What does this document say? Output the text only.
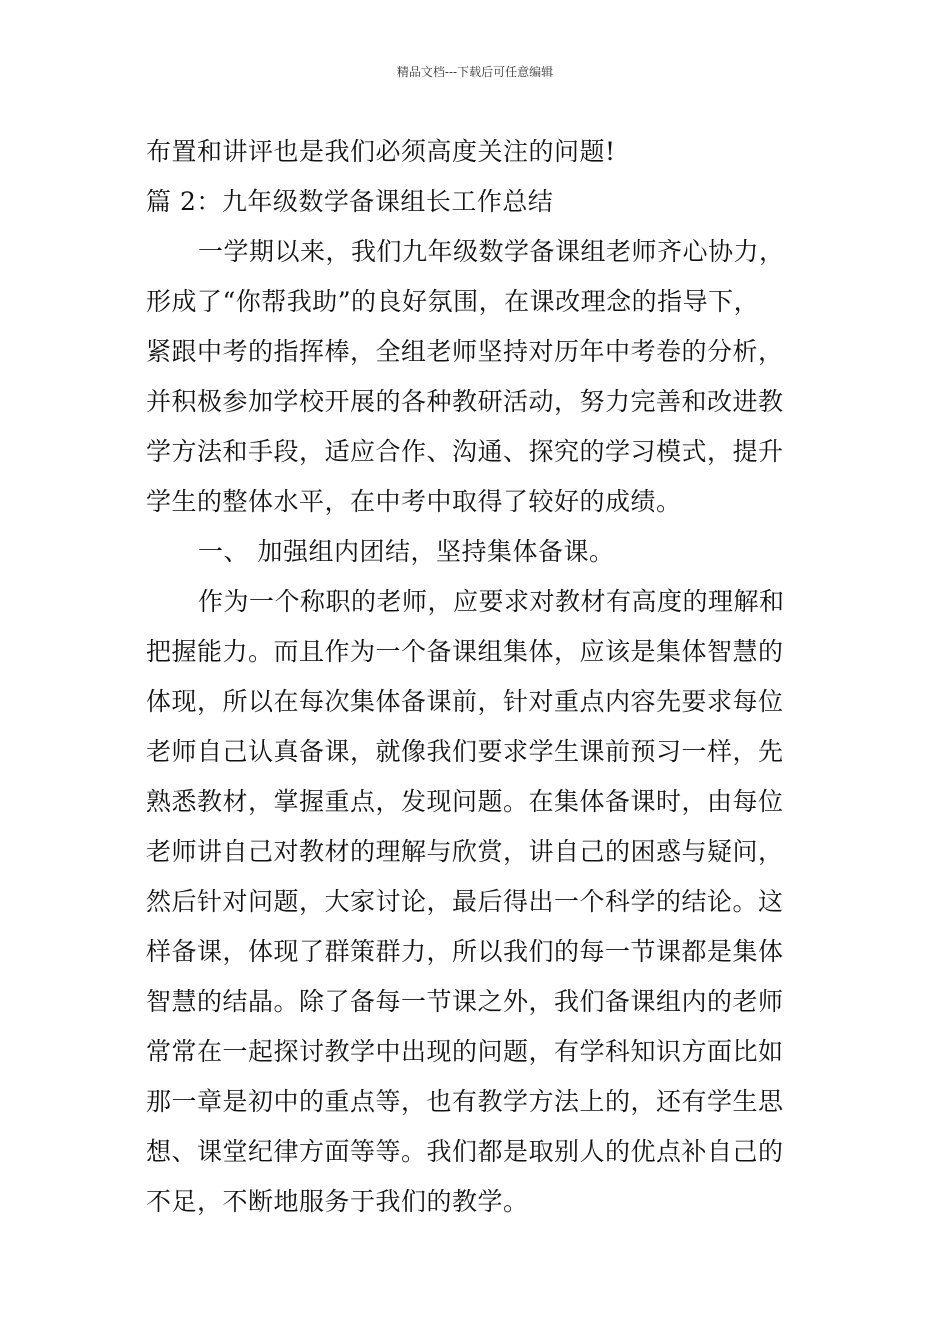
精品文档---下载后可任意编辑
布置和讲评也是我们必须高度关注的问题!
篇 2：九年级数学备课组长工作总结
一学期以来，我们九年级数学备课组老师齐心协力，
形成了“你帮我助”的良好氛围，在课改理念的指导下，
紧跟中考的指挥棒，全组老师坚持对历年中考卷的分析，
并积极参加学校开展的各种教研活动，努力完善和改进教
学方法和手段，适应合作、沟通、探究的学习模式，提升
学生的整体水平，在中考中取得了较好的成绩。
一、 加强组内团结，坚持集体备课。
作为一个称职的老师，应要求对教材有高度的理解和
把握能力。而且作为一个备课组集体，应该是集体智慧的
体现，所以在每次集体备课前，针对重点内容先要求每位
老师自己认真备课，就像我们要求学生课前预习一样，先
熟悉教材，掌握重点，发现问题。在集体备课时，由每位
老师讲自己对教材的理解与欣赏，讲自己的困惑与疑问，
然后针对问题，大家讨论，最后得出一个科学的结论。这
样备课，体现了群策群力，所以我们的每一节课都是集体
智慧的结晶。除了备每一节课之外，我们备课组内的老师
常常在一起探讨教学中出现的问题，有学科知识方面比如
那一章是初中的重点等，也有教学方法上的，还有学生思
想、课堂纪律方面等等。我们都是取别人的优点补自己的
不足，不断地服务于我们的教学。
